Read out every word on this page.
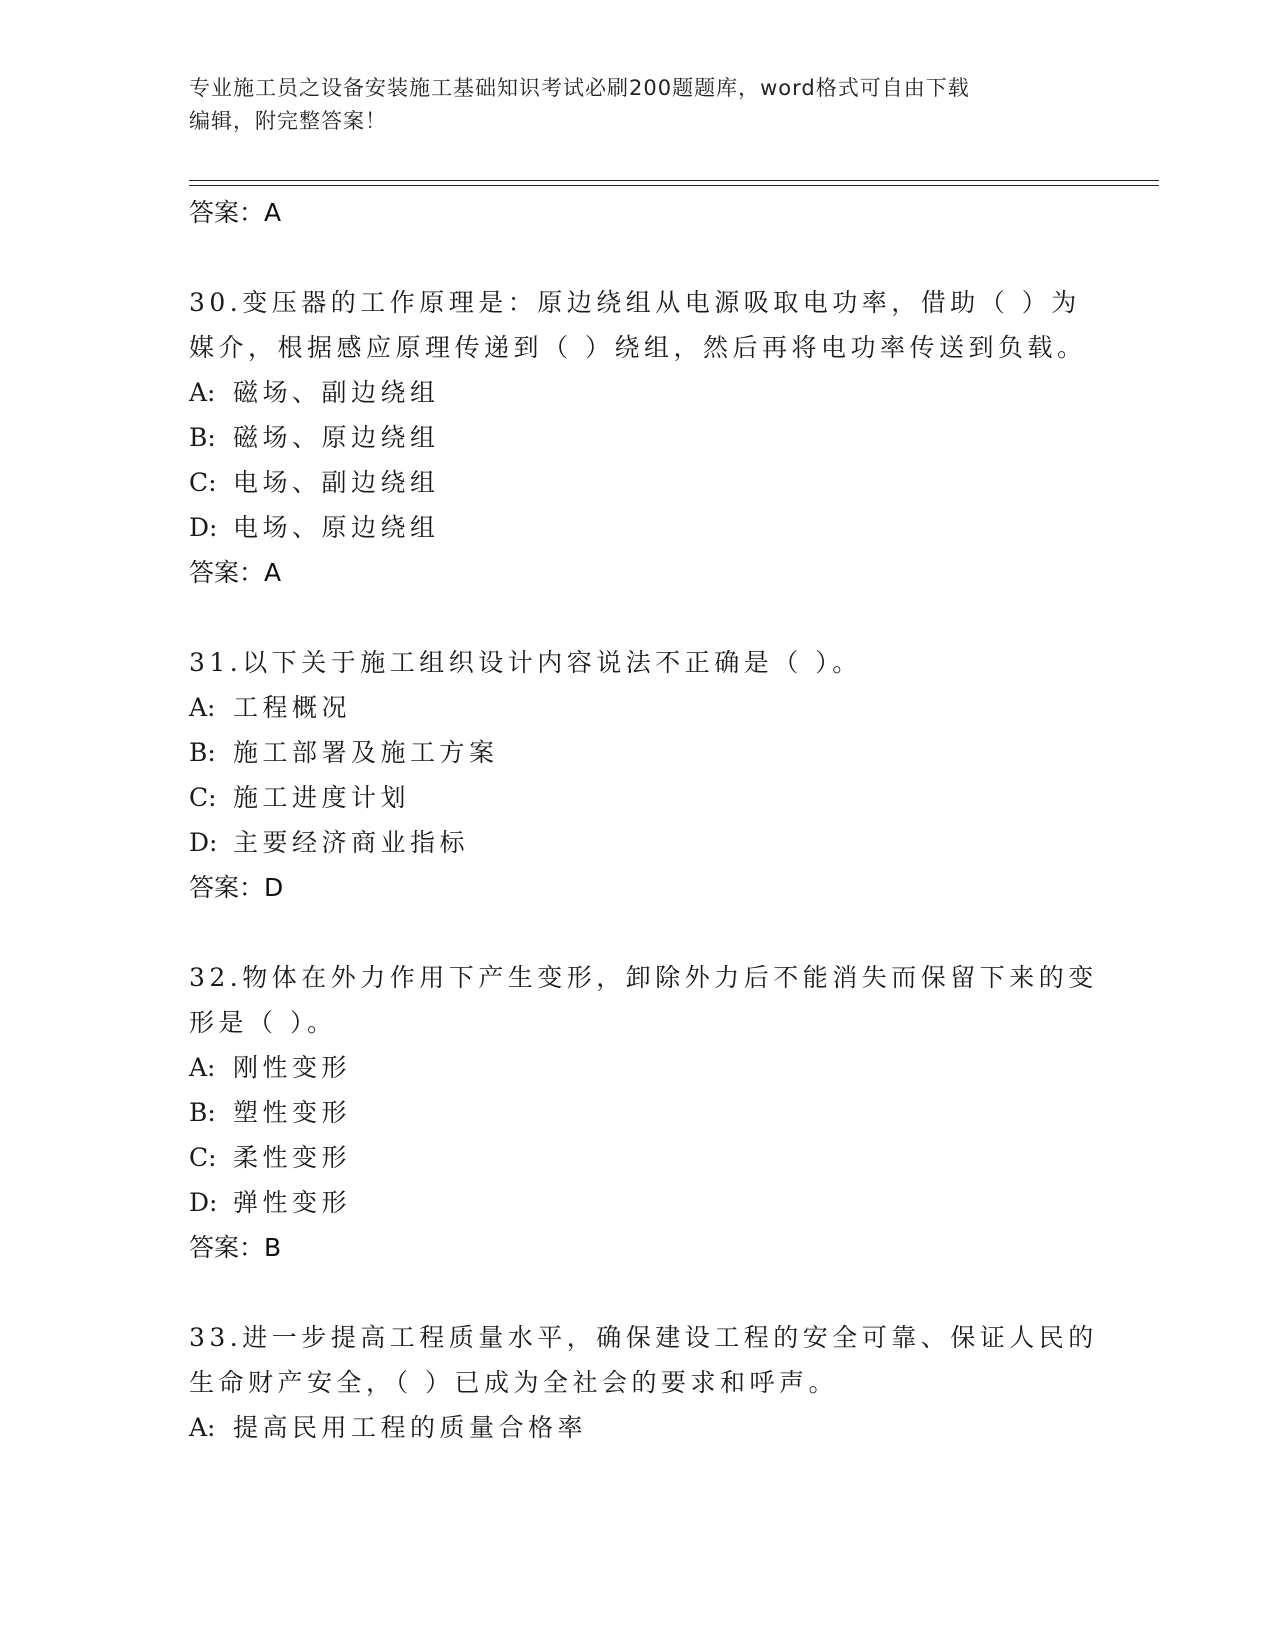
专业施工员之设备安装施工基础知识考试必刷200题题库，word格式可自由下载
编辑，附完整答案！
答案：A
30.变压器的工作原理是：原边绕组从电源吸取电功率，借助（ ）为
媒介，根据感应原理传递到（ ）绕组，然后再将电功率传送到负载。
A: 磁场、副边绕组
B: 磁场、原边绕组
C: 电场、副边绕组
D: 电场、原边绕组
答案：A
31.以下关于施工组织设计内容说法不正确是（ ）。
A: 工程概况
B: 施工部署及施工方案
C: 施工进度计划
D: 主要经济商业指标
答案：D
32.物体在外力作用下产生变形，卸除外力后不能消失而保留下来的变
形是（ ）。
A: 刚性变形
B: 塑性变形
C: 柔性变形
D: 弹性变形
答案：B
33.进一步提高工程质量水平，确保建设工程的安全可靠、保证人民的
生命财产安全，（ ）已成为全社会的要求和呼声。
A: 提高民用工程的质量合格率
